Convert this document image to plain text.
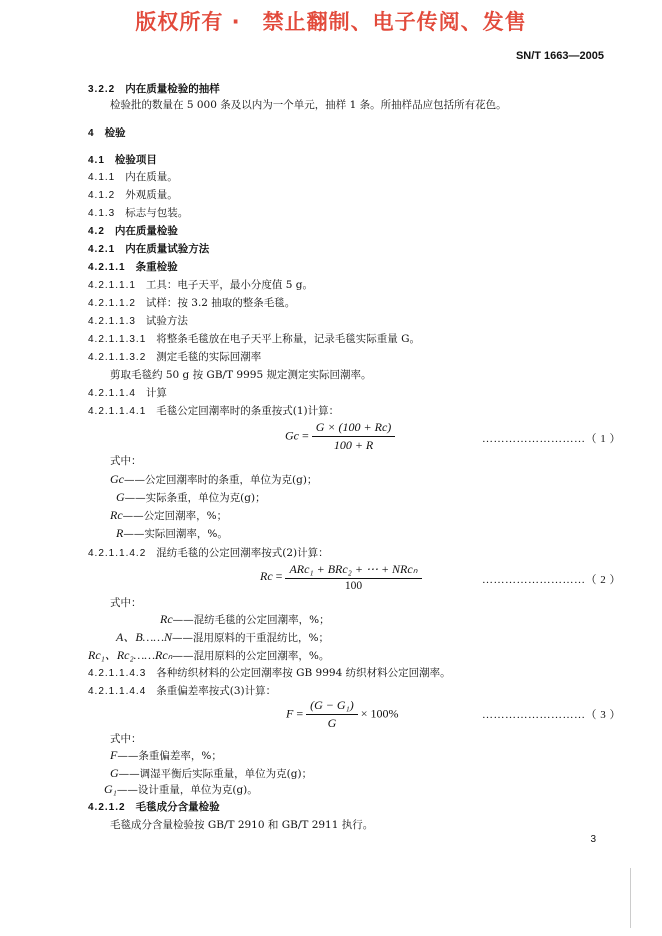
版权所有 ·　禁止翻制、电子传阅、发售
SN/T 1663—2005
3.2.2 内在质量检验的抽样
检验批的数量在 5 000 条及以内为一个单元，抽样 1 条。所抽样品应包括所有花色。
4 检验
4.1 检验项目
4.1.1 内在质量。
4.1.2 外观质量。
4.1.3 标志与包装。
4.2 内在质量检验
4.2.1 内在质量试验方法
4.2.1.1 条重检验
4.2.1.1.1 工具：电子天平，最小分度值 5 g。
4.2.1.1.2 试样：按 3.2 抽取的整条毛毯。
4.2.1.1.3 试验方法
4.2.1.1.3.1 将整条毛毯放在电子天平上称量，记录毛毯实际重量 G。
4.2.1.1.3.2 测定毛毯的实际回潮率
剪取毛毯约 50 g 按 GB/T 9995 规定测定实际回潮率。
4.2.1.1.4 计算
4.2.1.1.4.1 毛毯公定回潮率时的条重按式(1)计算：
$Gc = \frac{G \times (100 + Rc)}{100 + R}$	………………………（ 1 ）
式中：
Gc——公定回潮率时的条重，单位为克(g)；
G——实际条重，单位为克(g)；
Rc——公定回潮率，%；
R——实际回潮率，%。
4.2.1.1.4.2 混纺毛毯的公定回潮率按式(2)计算：
$Rc = \frac{\text{ARc₁ + BRc₂ + ⋯ + NRcₙ}}{100}$	………………………（ 2 ）
式中：
Rc——混纺毛毯的公定回潮率，%；
A、B……N——混用原料的干重混纺比，%；
Rc₁、Rc₂……Rcₙ——混用原料的公定回潮率，%。
4.2.1.1.4.3 各种纺织材料的公定回潮率按 GB 9994 纺织材料公定回潮率。
4.2.1.1.4.4 条重偏差率按式(3)计算：
$F = \frac{\text{(G − G₁)}}{G} \times 100\%$	………………………（ 3 ）
式中：
F——条重偏差率，%；
G——调湿平衡后实际重量，单位为克(g)；
G₁——设计重量，单位为克(g)。
4.2.1.2 毛毯成分含量检验
毛毯成分含量检验按 GB/T 2910 和 GB/T 2911 执行。
3
